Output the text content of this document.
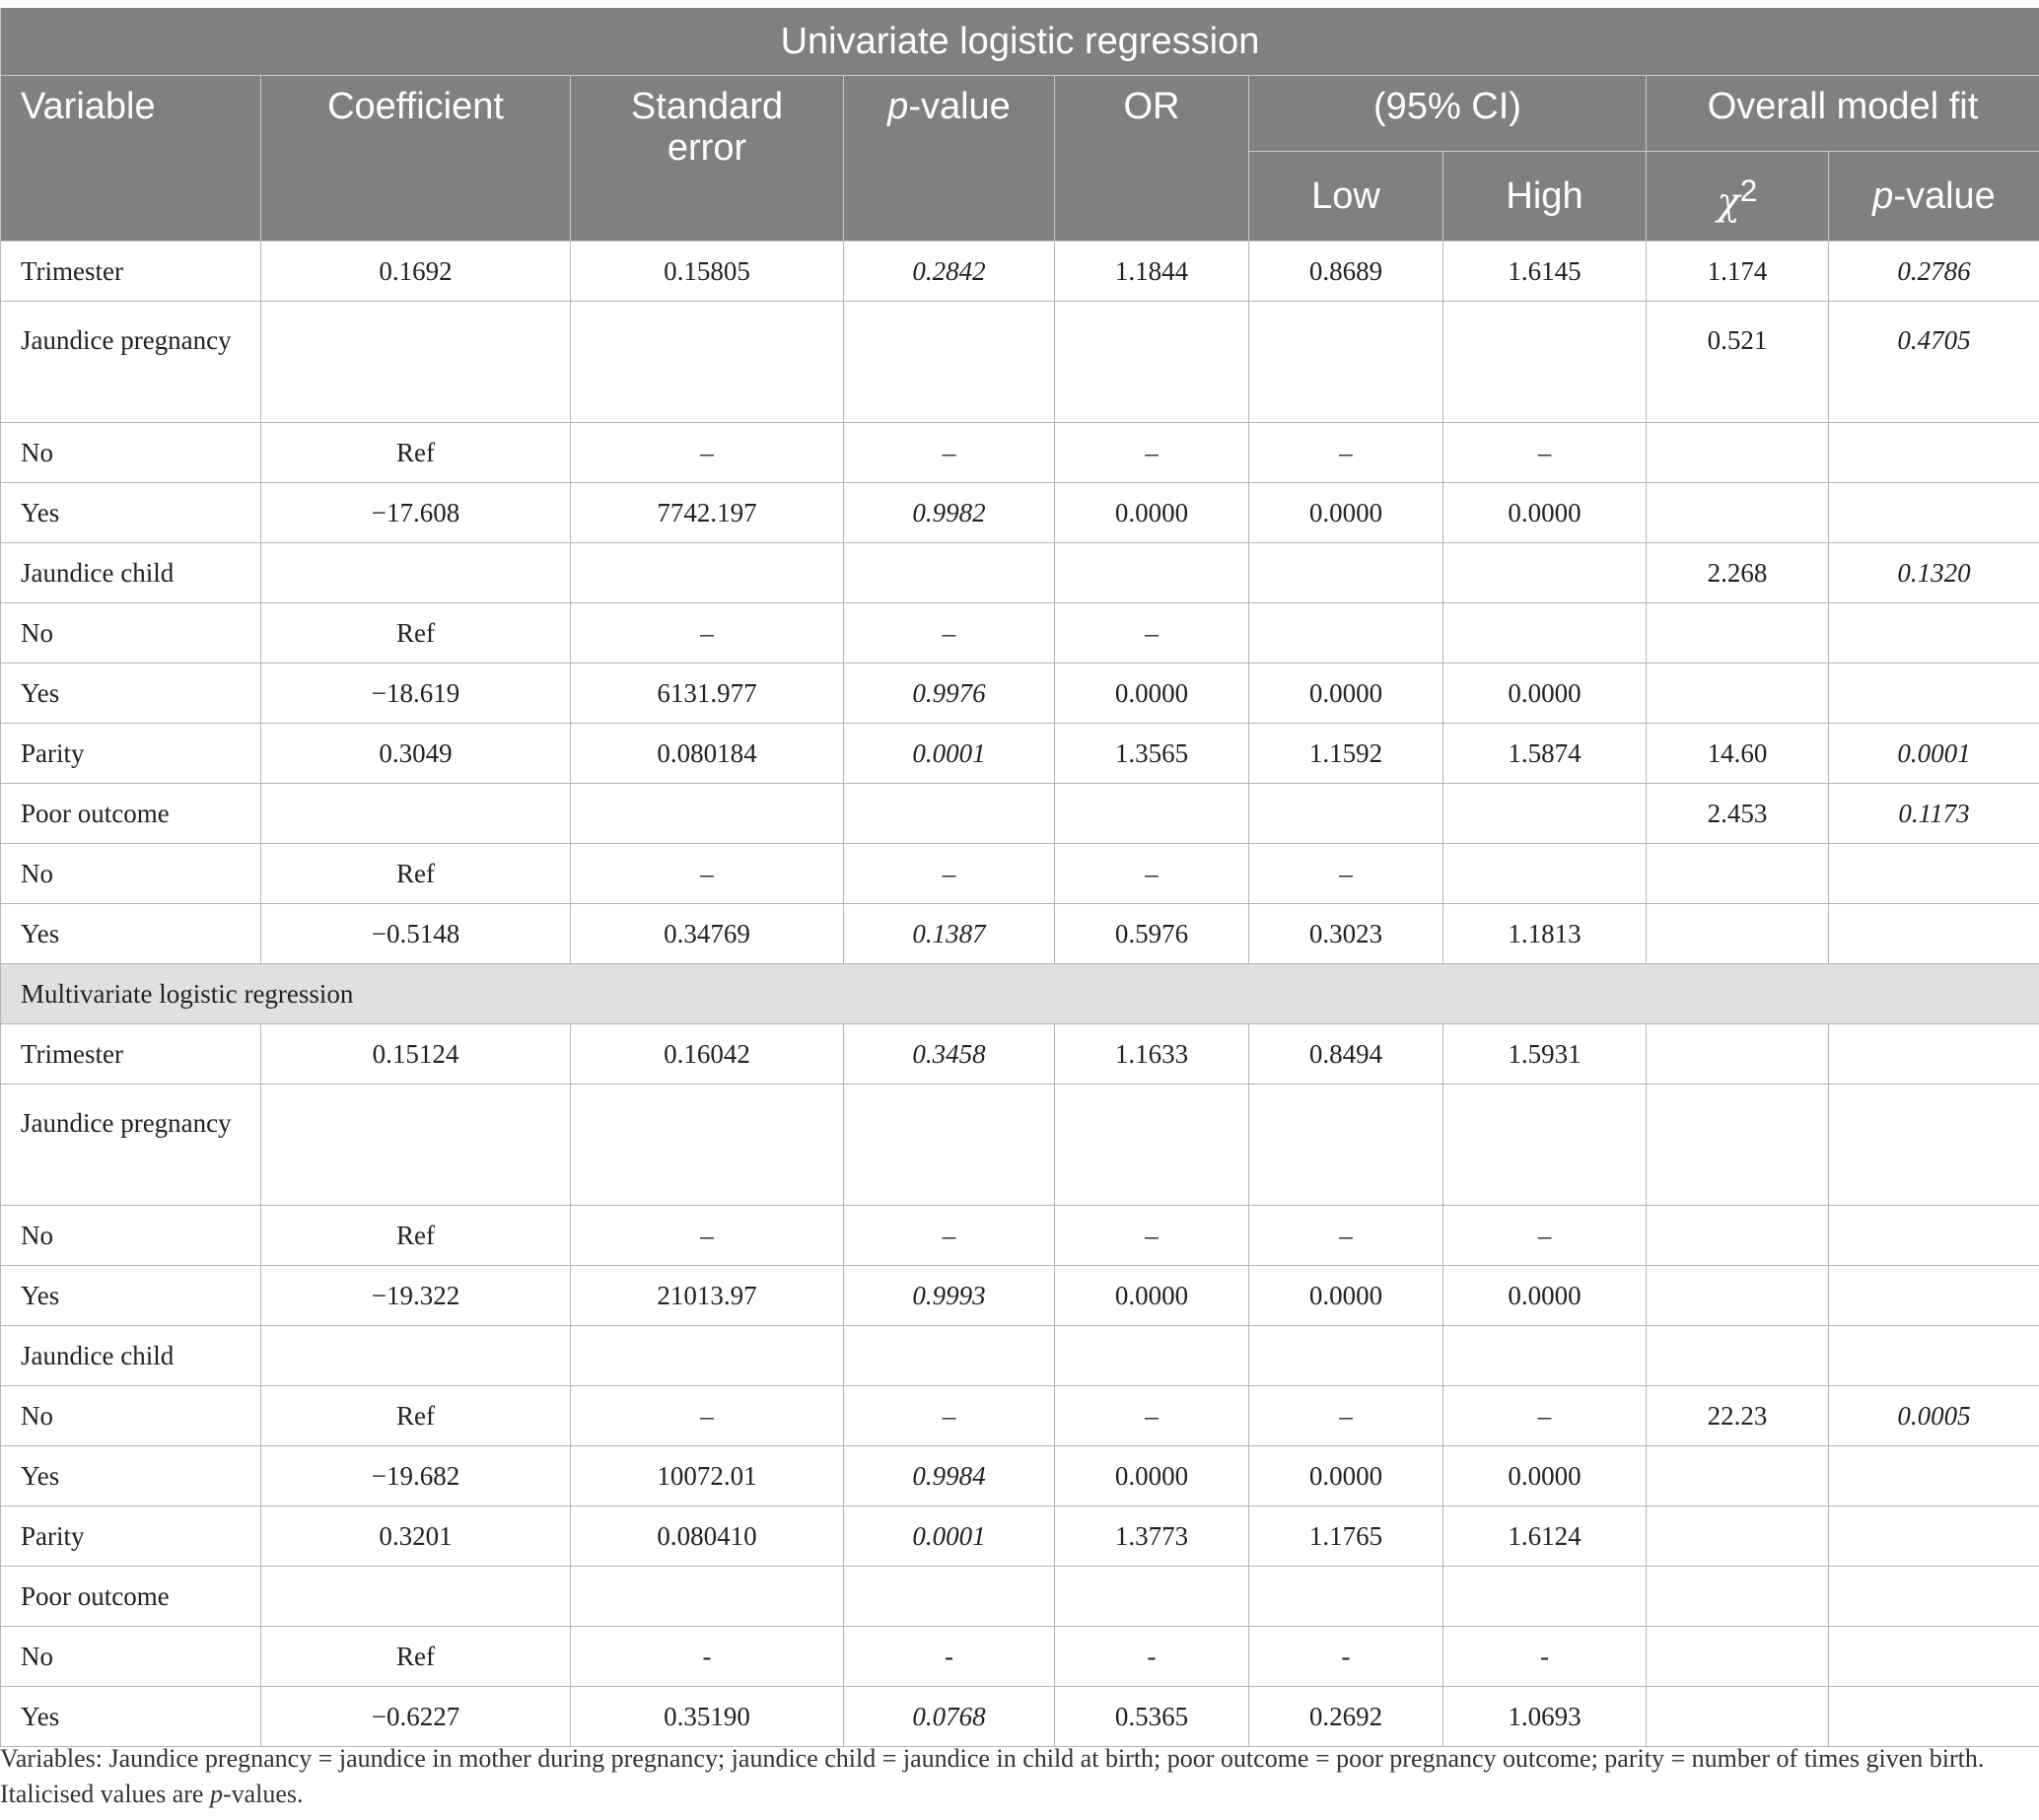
Univariate logistic regression								
Variable	Coefficient	Standard error	p-value	OR	(95% CI)		Overall model fit	
					Low	High	$\chi^2$	p-value
Trimester	0.1692	0.15805	0.2842	1.1844	0.8689	1.6145	1.174	0.2786
Jaundice pregnancy							0.521	0.4705
No	Ref	–	–	–	–	–		
Yes	−17.608	7742.197	0.9982	0.0000	0.0000	0.0000		
Jaundice child							2.268	0.1320
No	Ref	–	–	–				
Yes	−18.619	6131.977	0.9976	0.0000	0.0000	0.0000		
Parity	0.3049	0.080184	0.0001	1.3565	1.1592	1.5874	14.60	0.0001
Poor outcome							2.453	0.1173
No	Ref	–	–	–	–			
Yes	−0.5148	0.34769	0.1387	0.5976	0.3023	1.1813		
Multivariate logistic regression								
Trimester	0.15124	0.16042	0.3458	1.1633	0.8494	1.5931		
Jaundice pregnancy								
No	Ref	–	–	–	–	–		
Yes	−19.322	21013.97	0.9993	0.0000	0.0000	0.0000		
Jaundice child								
No	Ref	–	–	–	–	–	22.23	0.0005
Yes	−19.682	10072.01	0.9984	0.0000	0.0000	0.0000		
Parity	0.3201	0.080410	0.0001	1.3773	1.1765	1.6124		
Poor outcome								
No	Ref	-	-	-	-	-		
Yes	−0.6227	0.35190	0.0768	0.5365	0.2692	1.0693		
Variables: Jaundice pregnancy = jaundice in mother during pregnancy; jaundice child = jaundice in child at birth; poor outcome = poor pregnancy outcome; parity = number of times given birth. Italicised values are p-values.
